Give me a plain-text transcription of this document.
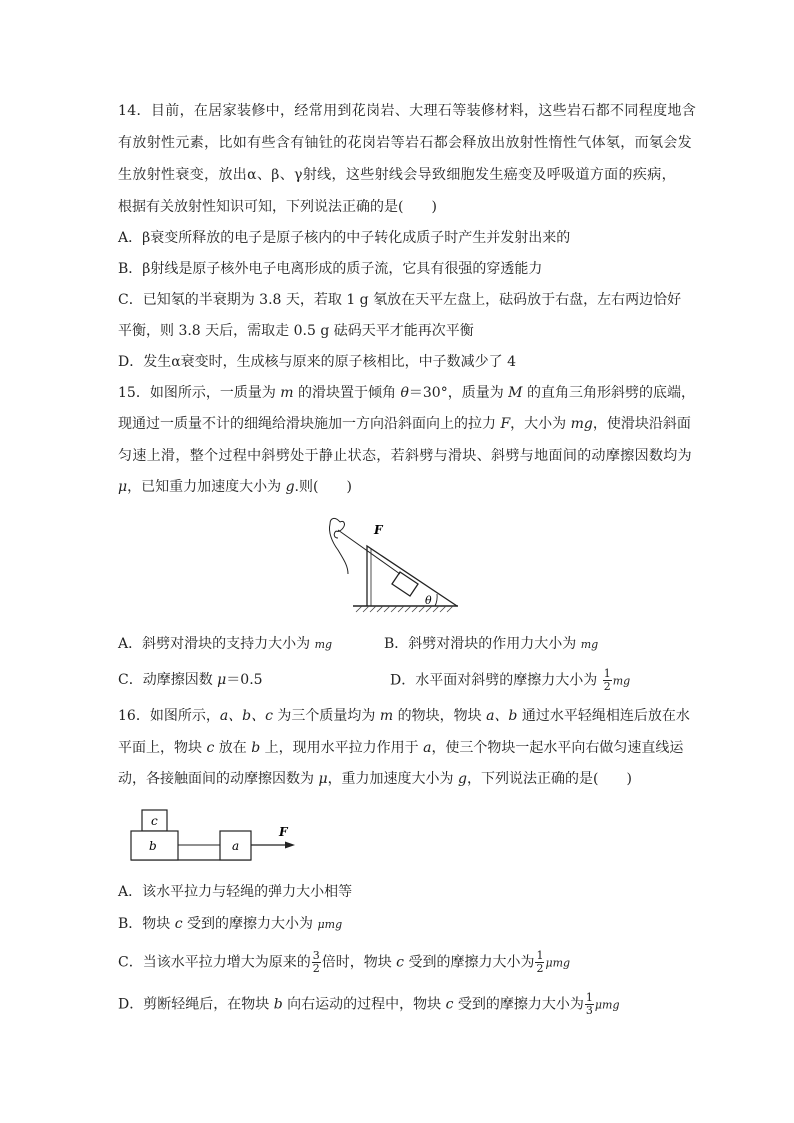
14．目前，在居家装修中，经常用到花岗岩、大理石等装修材料，这些岩石都不同程度地含
有放射性元素，比如有些含有铀钍的花岗岩等岩石都会释放出放射性惰性气体氡，而氡会发
生放射性衰变，放出α、β、γ射线，这些射线会导致细胞发生癌变及呼吸道方面的疾病，
根据有关放射性知识可知，下列说法正确的是(　　)
A．β衰变所释放的电子是原子核内的中子转化成质子时产生并发射出来的
B．β射线是原子核外电子电离形成的质子流，它具有很强的穿透能力
C．已知氡的半衰期为 3.8 天，若取 1 g 氡放在天平左盘上，砝码放于右盘，左右两边恰好
平衡，则 3.8 天后，需取走 0.5 g 砝码天平才能再次平衡
D．发生α衰变时，生成核与原来的原子核相比，中子数减少了 4
15．如图所示，一质量为 m 的滑块置于倾角 θ＝30°，质量为 M 的直角三角形斜劈的底端，
现通过一质量不计的细绳给滑块施加一方向沿斜面向上的拉力 F，大小为 mg，使滑块沿斜面
匀速上滑，整个过程中斜劈处于静止状态，若斜劈与滑块、斜劈与地面间的动摩擦因数均为
μ，已知重力加速度大小为 g.则(　　)
F
θ
A．斜劈对滑块的支持力大小为 mg	B．斜劈对滑块的作用力大小为 mg
C．动摩擦因数 μ＝0.5	D．水平面对斜劈的摩擦力大小为 $\frac{1}{2}$ mg
16．如图所示，a、b、c 为三个质量均为 m 的物块，物块 a、b 通过水平轻绳相连后放在水
平面上，物块 c 放在 b 上，现用水平拉力作用于 a，使三个物块一起水平向右做匀速直线运
动，各接触面间的动摩擦因数为 μ，重力加速度大小为 g，下列说法正确的是(　　)
c
b	a
F
A．该水平拉力与轻绳的弹力大小相等
B．物块 c 受到的摩擦力大小为 μmg
C．当该水平拉力增大为原来的 $\frac{3}{2}$ 倍时，物块 c 受到的摩擦力大小为 $\frac{1}{2}$ μmg
D．剪断轻绳后，在物块 b 向右运动的过程中，物块 c 受到的摩擦力大小为 $\frac{1}{3}$ μmg
